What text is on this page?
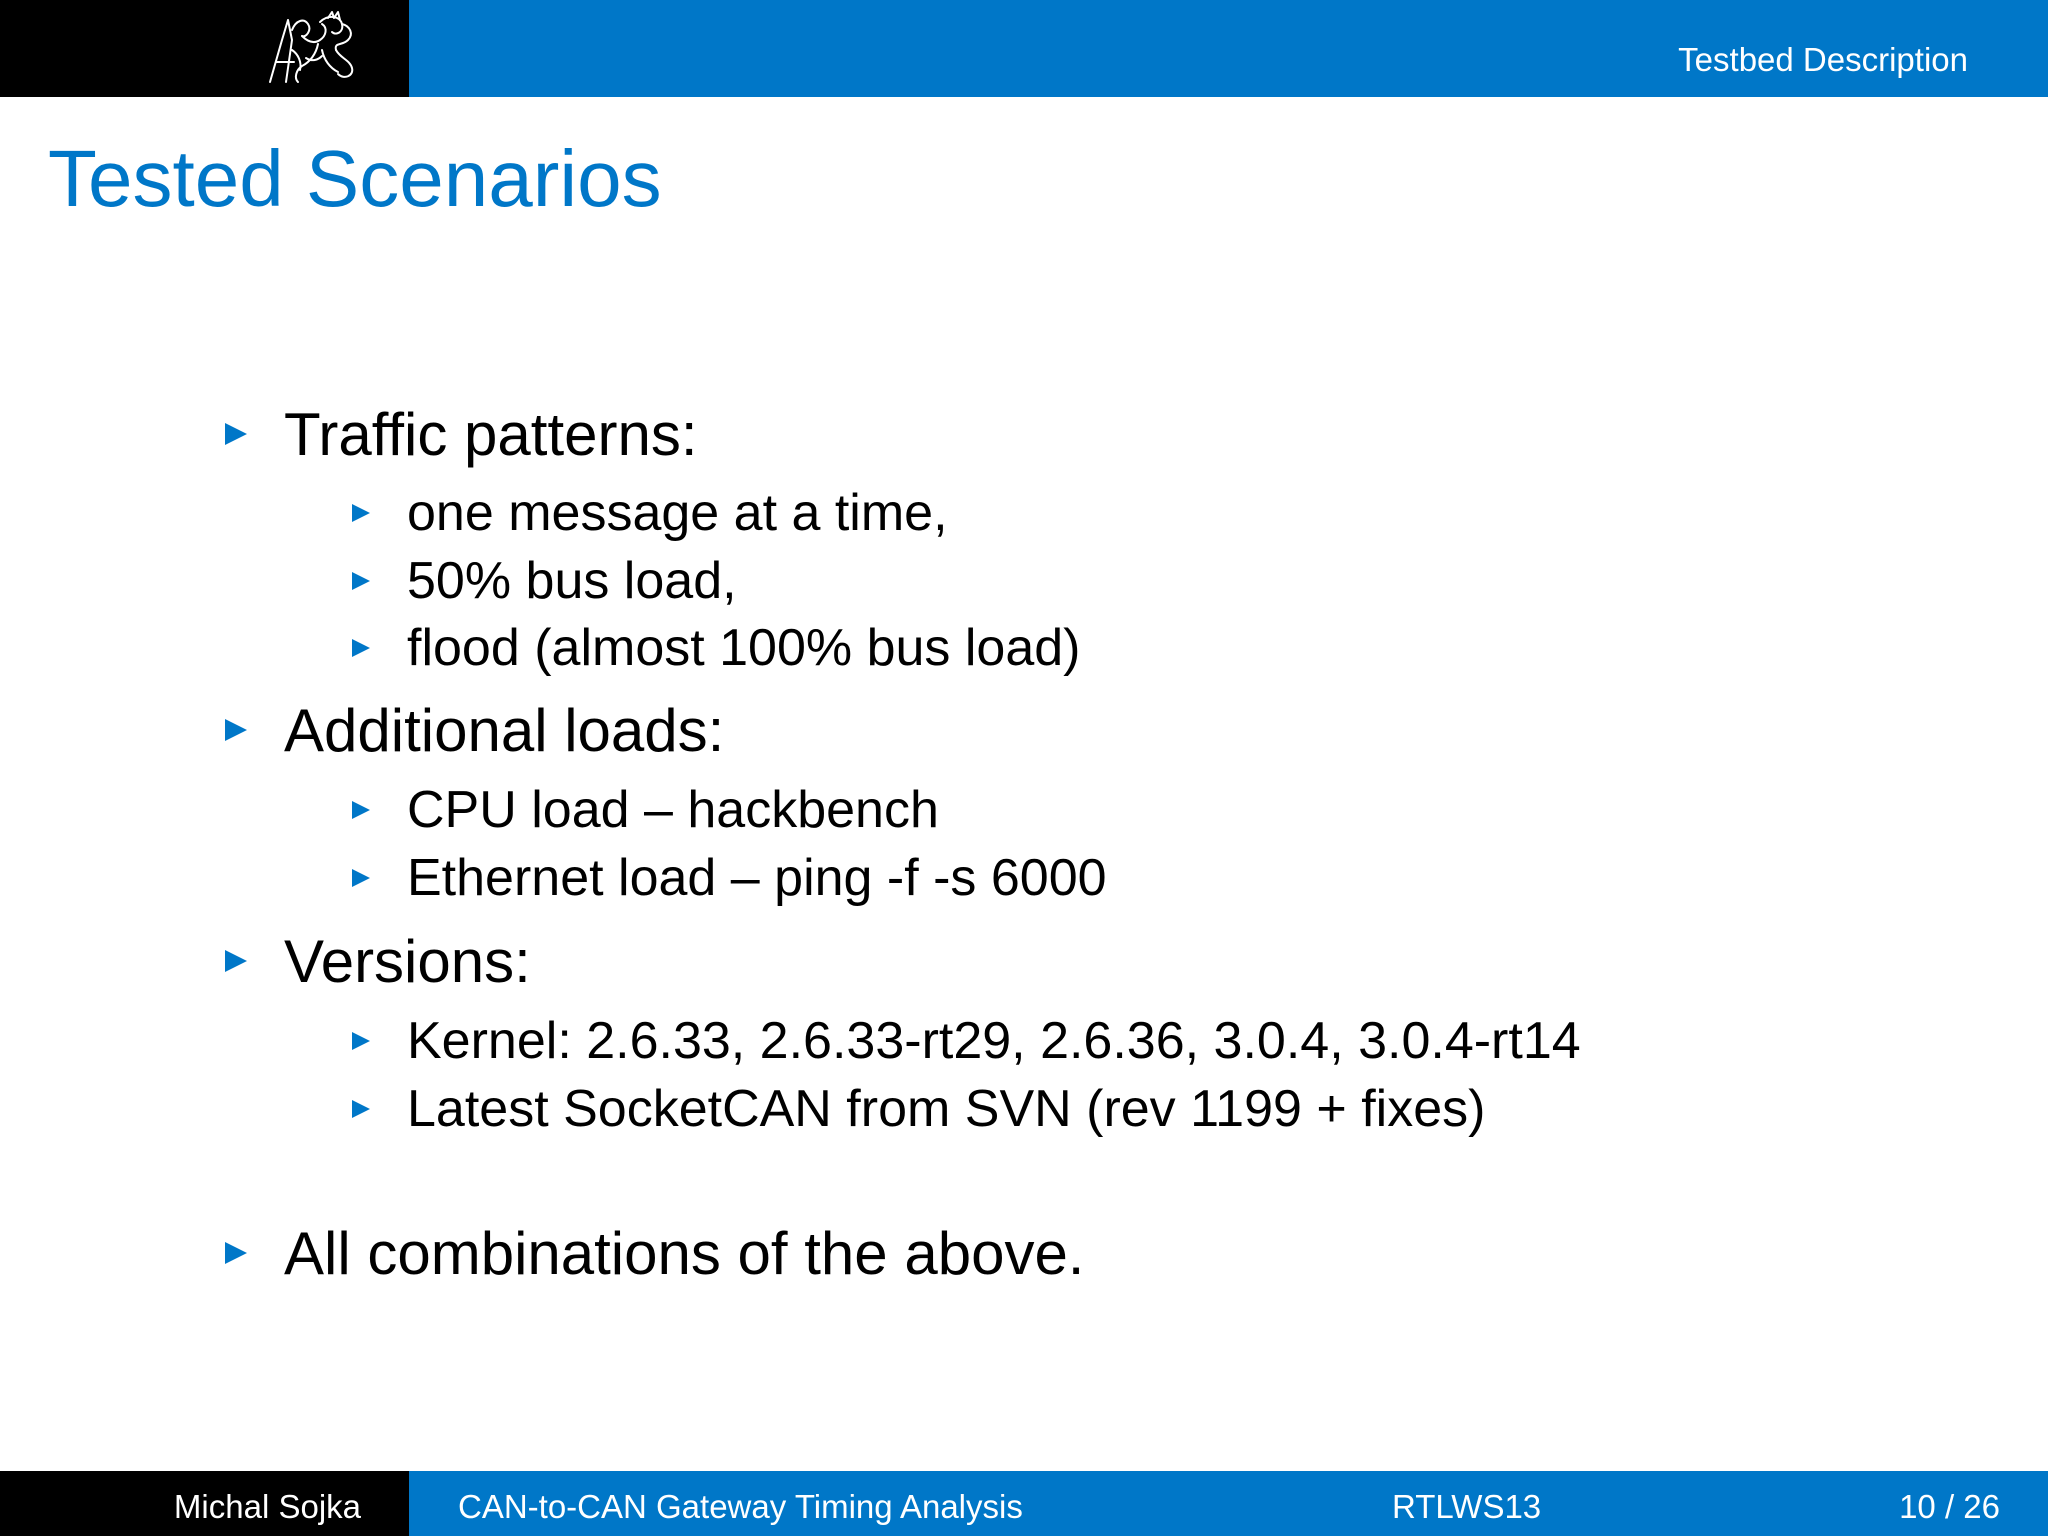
Testbed Description
Tested Scenarios
Traffic patterns:
one message at a time,
50% bus load,
flood (almost 100% bus load)
Additional loads:
CPU load – hackbench
Ethernet load – ping -f -s 6000
Versions:
Kernel: 2.6.33, 2.6.33-rt29, 2.6.36, 3.0.4, 3.0.4-rt14
Latest SocketCAN from SVN (rev 1199 + fixes)
All combinations of the above.
Michal Sojka	CAN-to-CAN Gateway Timing Analysis	RTLWS13	10 / 26
